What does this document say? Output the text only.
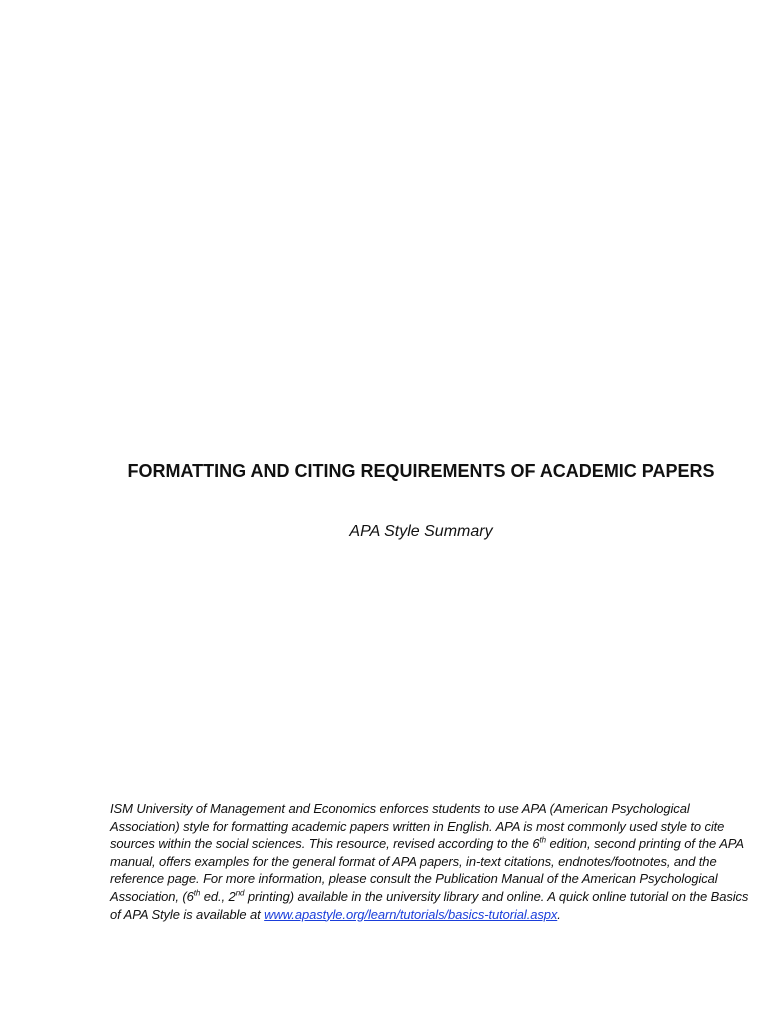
FORMATTING AND CITING REQUIREMENTS OF ACADEMIC PAPERS

APA Style Summary

ISM University of Management and Economics enforces students to use APA (American Psychological Association) style for formatting academic papers written in English. APA is most commonly used style to cite sources within the social sciences. This resource, revised according to the 6th edition, second printing of the APA manual, offers examples for the general format of APA papers, in-text citations, endnotes/footnotes, and the reference page. For more information, please consult the Publication Manual of the American Psychological Association, (6th ed., 2nd printing) available in the university library and online. A quick online tutorial on the Basics of APA Style is available at www.apastyle.org/learn/tutorials/basics-tutorial.aspx.
